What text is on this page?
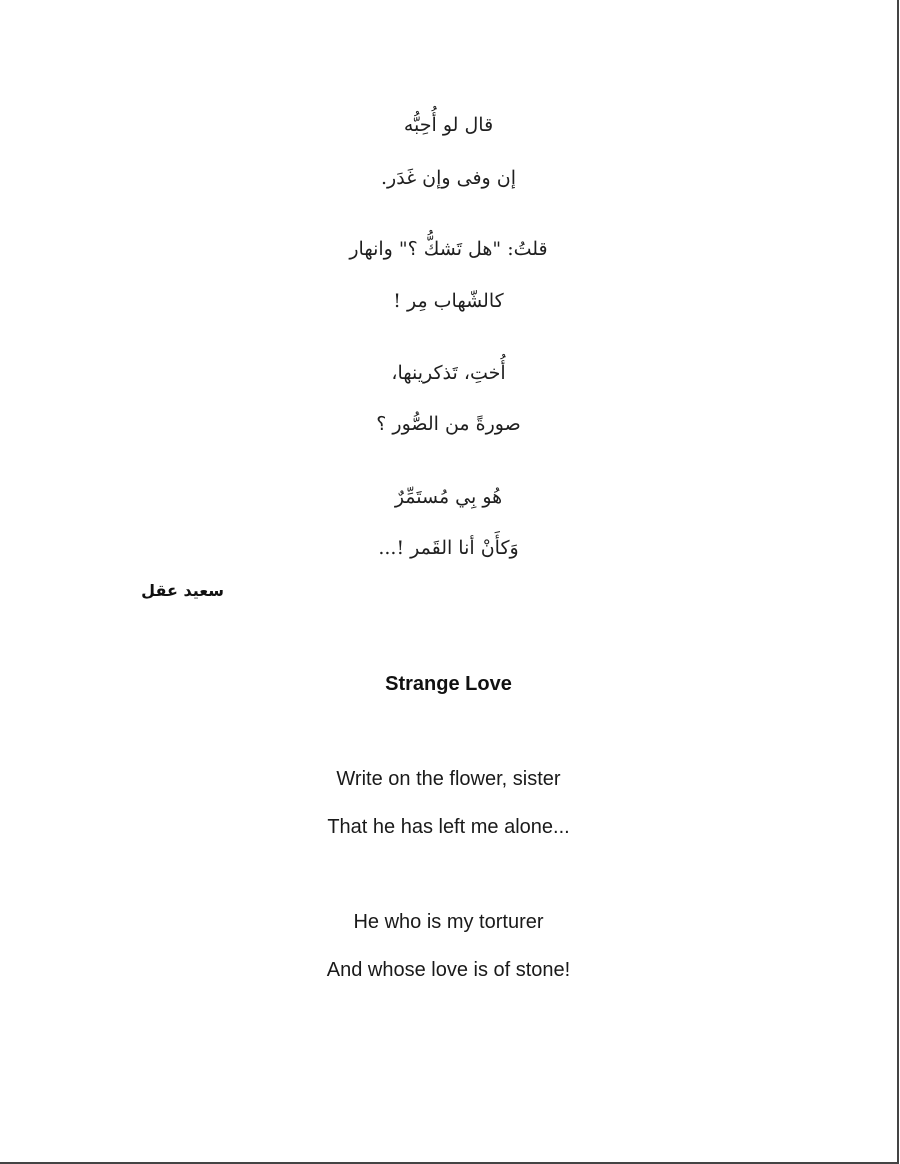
قال لو أُحِبُّه
إن وفى وإن غَدَر.
قلتُ: "هل تَشكُّ ؟" وانهار
كالشّهاب مِر !
أُختِ، تَذكرينها،
صورةً من الصُّور ؟
هُو بِي مُستَمِّرٌ
وَكأَنْ أنا القَمر !...
سعيد عقل
Strange Love
Write on the flower, sister
That he has left me alone...
He who is my torturer
And whose love is of stone!
